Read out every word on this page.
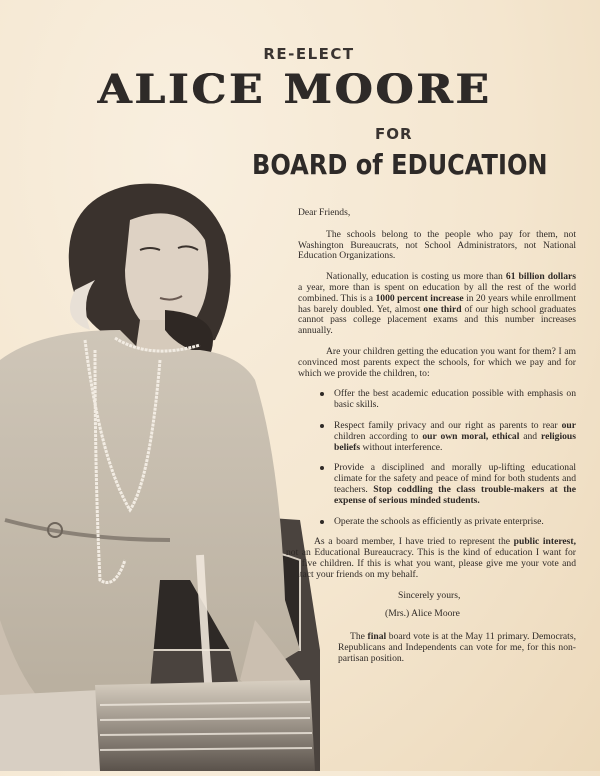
RE-ELECT
ALICE MOORE
FOR
BOARD of EDUCATION

Dear Friends,

The schools belong to the people who pay for them, not Washington Bureaucrats, not School Administrators, not National Education Organizations.

Nationally, education is costing us more than 61 billion dollars a year, more than is spent on education by all the rest of the world combined. This is a 1000 percent increase in 20 years while enrollment has barely doubled. Yet, almost one third of our high school graduates cannot pass college placement exams and this number increases annually.

Are your children getting the education you want for them? I am convinced most parents expect the schools, for which we pay and for which we provide the children, to:

Offer the best academic education possible with emphasis on basic skills.
Respect family privacy and our right as parents to rear our children according to our own moral, ethical and religious beliefs without interference.
Provide a disciplined and morally up-lifting educational climate for the safety and peace of mind for both students and teachers. Stop coddling the class trouble-makers at the expense of serious minded students.
Operate the schools as efficiently as private enterprise.

As a board member, I have tried to represent the public interest, not an Educational Bureaucracy. This is the kind of education I want for my five children. If this is what you want, please give me your vote and contact your friends on my behalf.

Sincerely yours,

(Mrs.) Alice Moore

The final board vote is at the May 11 primary. Democrats, Republicans and Independents can vote for me, for this non-partisan position.
